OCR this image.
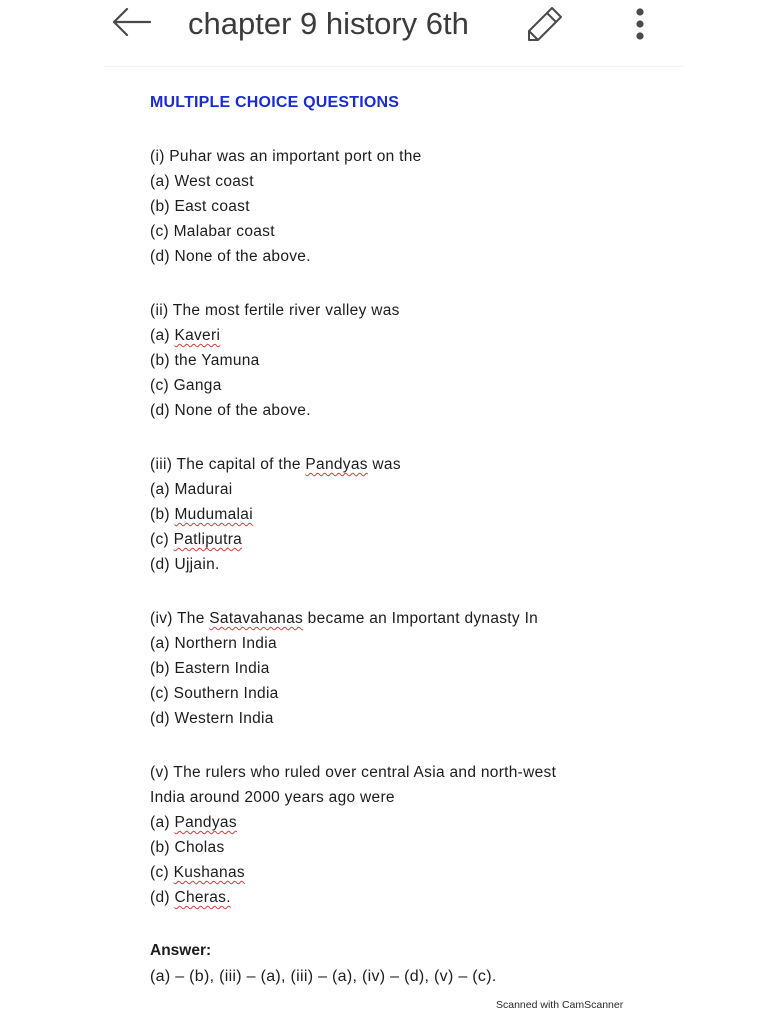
chapter 9 history 6th
MULTIPLE CHOICE QUESTIONS
(i) Puhar was an important port on the
(a) West coast
(b) East coast
(c) Malabar coast
(d) None of the above.
(ii) The most fertile river valley was
(a) Kaveri
(b) the Yamuna
(c) Ganga
(d) None of the above.
(iii) The capital of the Pandyas was
(a) Madurai
(b) Mudumalai
(c) Patliputra
(d) Ujjain.
(iv) The Satavahanas became an Important dynasty In
(a) Northern India
(b) Eastern India
(c) Southern India
(d) Western India
(v) The rulers who ruled over central Asia and north-west
India around 2000 years ago were
(a) Pandyas
(b) Cholas
(c) Kushanas
(d) Cheras.
Answer:
(a) – (b), (iii) – (a), (iii) – (a), (iv) – (d), (v) – (c).
Scanned with CamScanner
